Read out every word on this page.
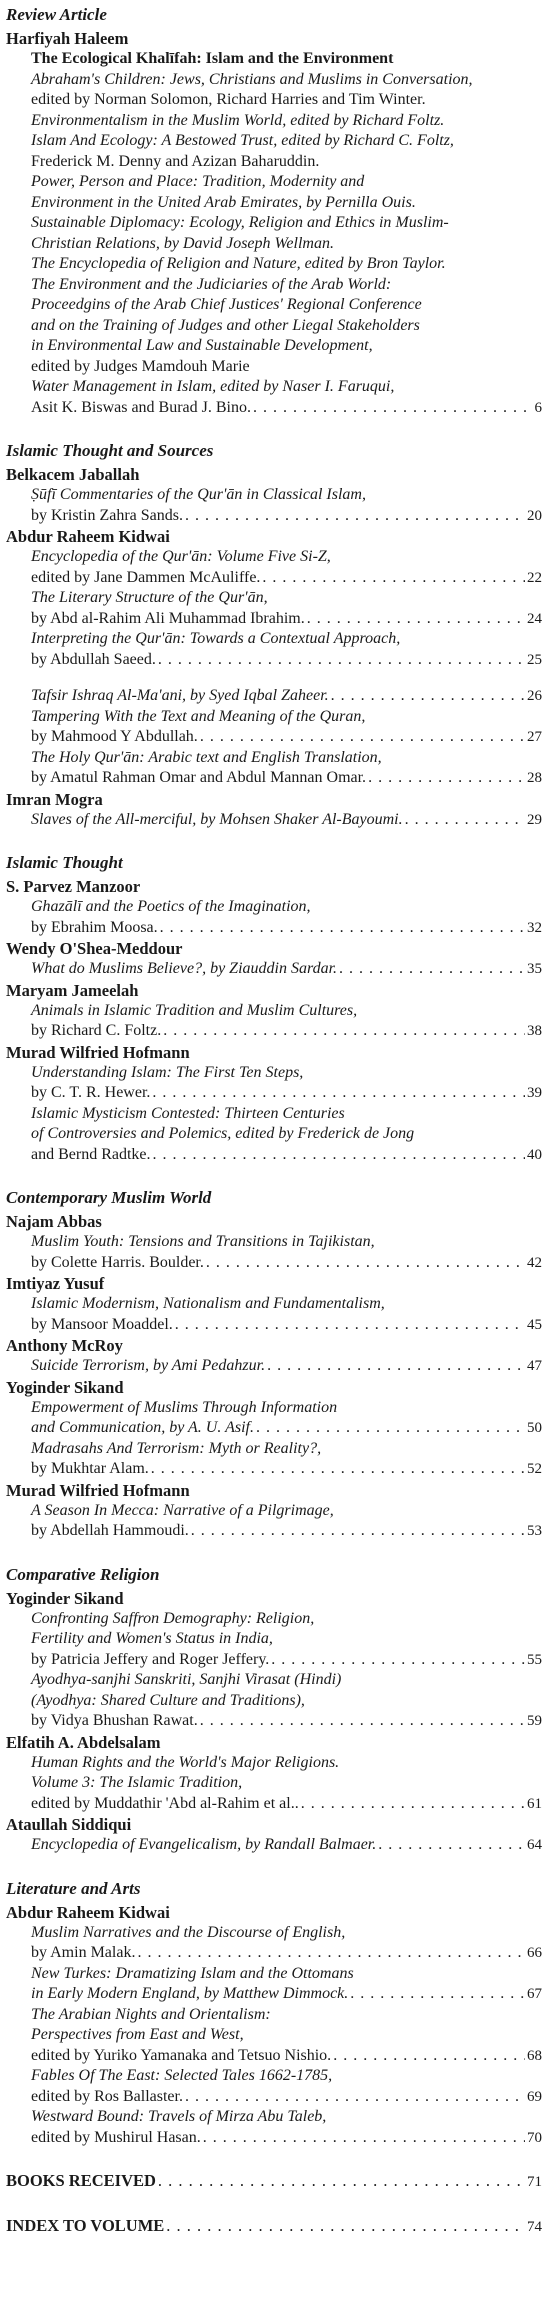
Review Article
Harfiyah Haleem
The Ecological Khalīfah: Islam and the Environment
Abraham's Children: Jews, Christians and Muslims in Conversation,
edited by Norman Solomon, Richard Harries and Tim Winter.
Environmentalism in the Muslim World, edited by Richard Foltz.
Islam And Ecology: A Bestowed Trust, edited by Richard C. Foltz,
Frederick M. Denny and Azizan Baharuddin.
Power, Person and Place: Tradition, Modernity and
Environment in the United Arab Emirates, by Pernilla Ouis.
Sustainable Diplomacy: Ecology, Religion and Ethics in Muslim-
Christian Relations, by David Joseph Wellman.
The Encyclopedia of Religion and Nature, edited by Bron Taylor.
The Environment and the Judiciaries of the Arab World:
Proceedgins of the Arab Chief Justices' Regional Conference
and on the Training of Judges and other Liegal Stakeholders
in Environmental Law and Sustainable Development,
edited by Judges Mamdouh Marie
Water Management in Islam, edited by Naser I. Faruqui,
Asit K. Biswas and Burad J. Bino. . . .	6
Islamic Thought and Sources
Belkacem Jaballah
Ṣūfī Commentaries of the Qur'ān in Classical Islam,
by Kristin Zahra Sands. . . .	20
Abdur Raheem Kidwai
Encyclopedia of the Qur'ān: Volume Five Si-Z,
edited by Jane Dammen McAuliffe. . . .	22
The Literary Structure of the Qur'ān,
by Abd al-Rahim Ali Muhammad Ibrahim. . . .	24
Interpreting the Qur'ān: Towards a Contextual Approach,
by Abdullah Saeed. . . .	25
Tafsir Ishraq Al-Ma'ani, by Syed Iqbal Zaheer. . . .	26
Tampering With the Text and Meaning of the Quran,
by Mahmood Y Abdullah. . . .	27
The Holy Qur'ān: Arabic text and English Translation,
by Amatul Rahman Omar and Abdul Mannan Omar. . . .	28
Imran Mogra
Slaves of the All-merciful, by Mohsen Shaker Al-Bayoumi. . . .	29
Islamic Thought
S. Parvez Manzoor
Ghazālī and the Poetics of the Imagination,
by Ebrahim Moosa. . . .	32
Wendy O'Shea-Meddour
What do Muslims Believe?, by Ziauddin Sardar. . . .	35
Maryam Jameelah
Animals in Islamic Tradition and Muslim Cultures,
by Richard C. Foltz. . . .	38
Murad Wilfried Hofmann
Understanding Islam: The First Ten Steps,
by C. T. R. Hewer. . . .	39
Islamic Mysticism Contested: Thirteen Centuries
of Controversies and Polemics, edited by Frederick de Jong
and Bernd Radtke. . . .	40
Contemporary Muslim World
Najam Abbas
Muslim Youth: Tensions and Transitions in Tajikistan,
by Colette Harris. Boulder. . . .	42
Imtiyaz Yusuf
Islamic Modernism, Nationalism and Fundamentalism,
by Mansoor Moaddel. . . .	45
Anthony McRoy
Suicide Terrorism, by Ami Pedahzur. . . .	47
Yoginder Sikand
Empowerment of Muslims Through Information
and Communication, by A. U. Asif. . . .	50
Madrasahs And Terrorism: Myth or Reality?,
by Mukhtar Alam. . . .	52
Murad Wilfried Hofmann
A Season In Mecca: Narrative of a Pilgrimage,
by Abdellah Hammoudi. . . .	53
Comparative Religion
Yoginder Sikand
Confronting Saffron Demography: Religion,
Fertility and Women's Status in India,
by Patricia Jeffery and Roger Jeffery. . . .	55
Ayodhya-sanjhi Sanskriti, Sanjhi Virasat (Hindi)
(Ayodhya: Shared Culture and Traditions),
by Vidya Bhushan Rawat. . . .	59
Elfatih A. Abdelsalam
Human Rights and the World's Major Religions.
Volume 3: The Islamic Tradition,
edited by Muddathir 'Abd al-Rahim et al.. . . .	61
Ataullah Siddiqui
Encyclopedia of Evangelicalism, by Randall Balmaer. . . .	64
Literature and Arts
Abdur Raheem Kidwai
Muslim Narratives and the Discourse of English,
by Amin Malak. . . .	66
New Turkes: Dramatizing Islam and the Ottomans
in Early Modern England, by Matthew Dimmock. . . .	67
The Arabian Nights and Orientalism:
Perspectives from East and West,
edited by Yuriko Yamanaka and Tetsuo Nishio. . . .	68
Fables Of The East: Selected Tales 1662-1785,
edited by Ros Ballaster. . . .	69
Westward Bound: Travels of Mirza Abu Taleb,
edited by Mushirul Hasan. . . .	70
BOOKS RECEIVED . . .	71
INDEX TO VOLUME . . .	74
